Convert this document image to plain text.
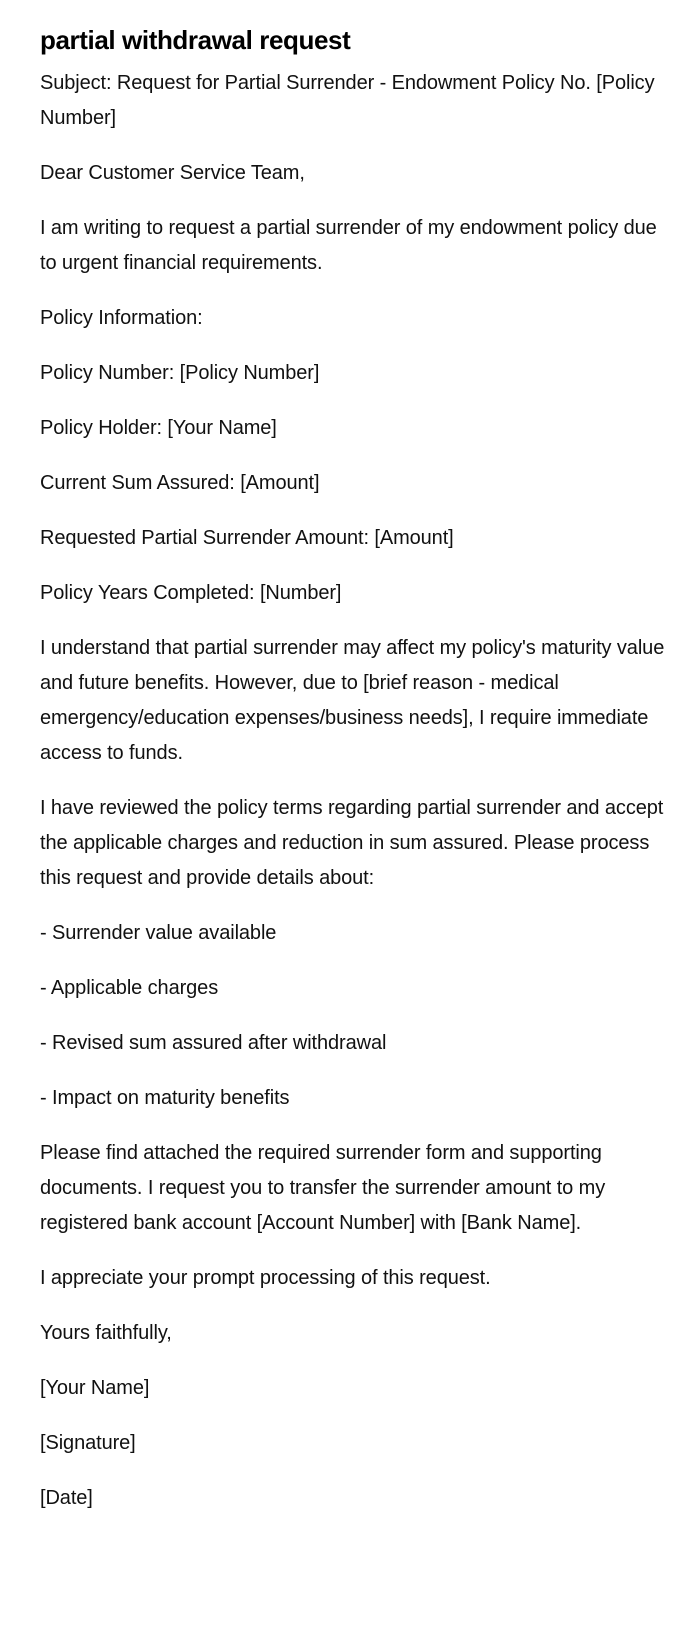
partial withdrawal request

Subject: Request for Partial Surrender - Endowment Policy No. [Policy Number]

Dear Customer Service Team,

I am writing to request a partial surrender of my endowment policy due to urgent financial requirements.

Policy Information:

Policy Number: [Policy Number]

Policy Holder: [Your Name]

Current Sum Assured: [Amount]

Requested Partial Surrender Amount: [Amount]

Policy Years Completed: [Number]

I understand that partial surrender may affect my policy's maturity value and future benefits. However, due to [brief reason - medical emergency/education expenses/business needs], I require immediate access to funds.

I have reviewed the policy terms regarding partial surrender and accept the applicable charges and reduction in sum assured. Please process this request and provide details about:

- Surrender value available

- Applicable charges

- Revised sum assured after withdrawal

- Impact on maturity benefits

Please find attached the required surrender form and supporting documents. I request you to transfer the surrender amount to my registered bank account [Account Number] with [Bank Name].

I appreciate your prompt processing of this request.

Yours faithfully,

[Your Name]

[Signature]

[Date]
